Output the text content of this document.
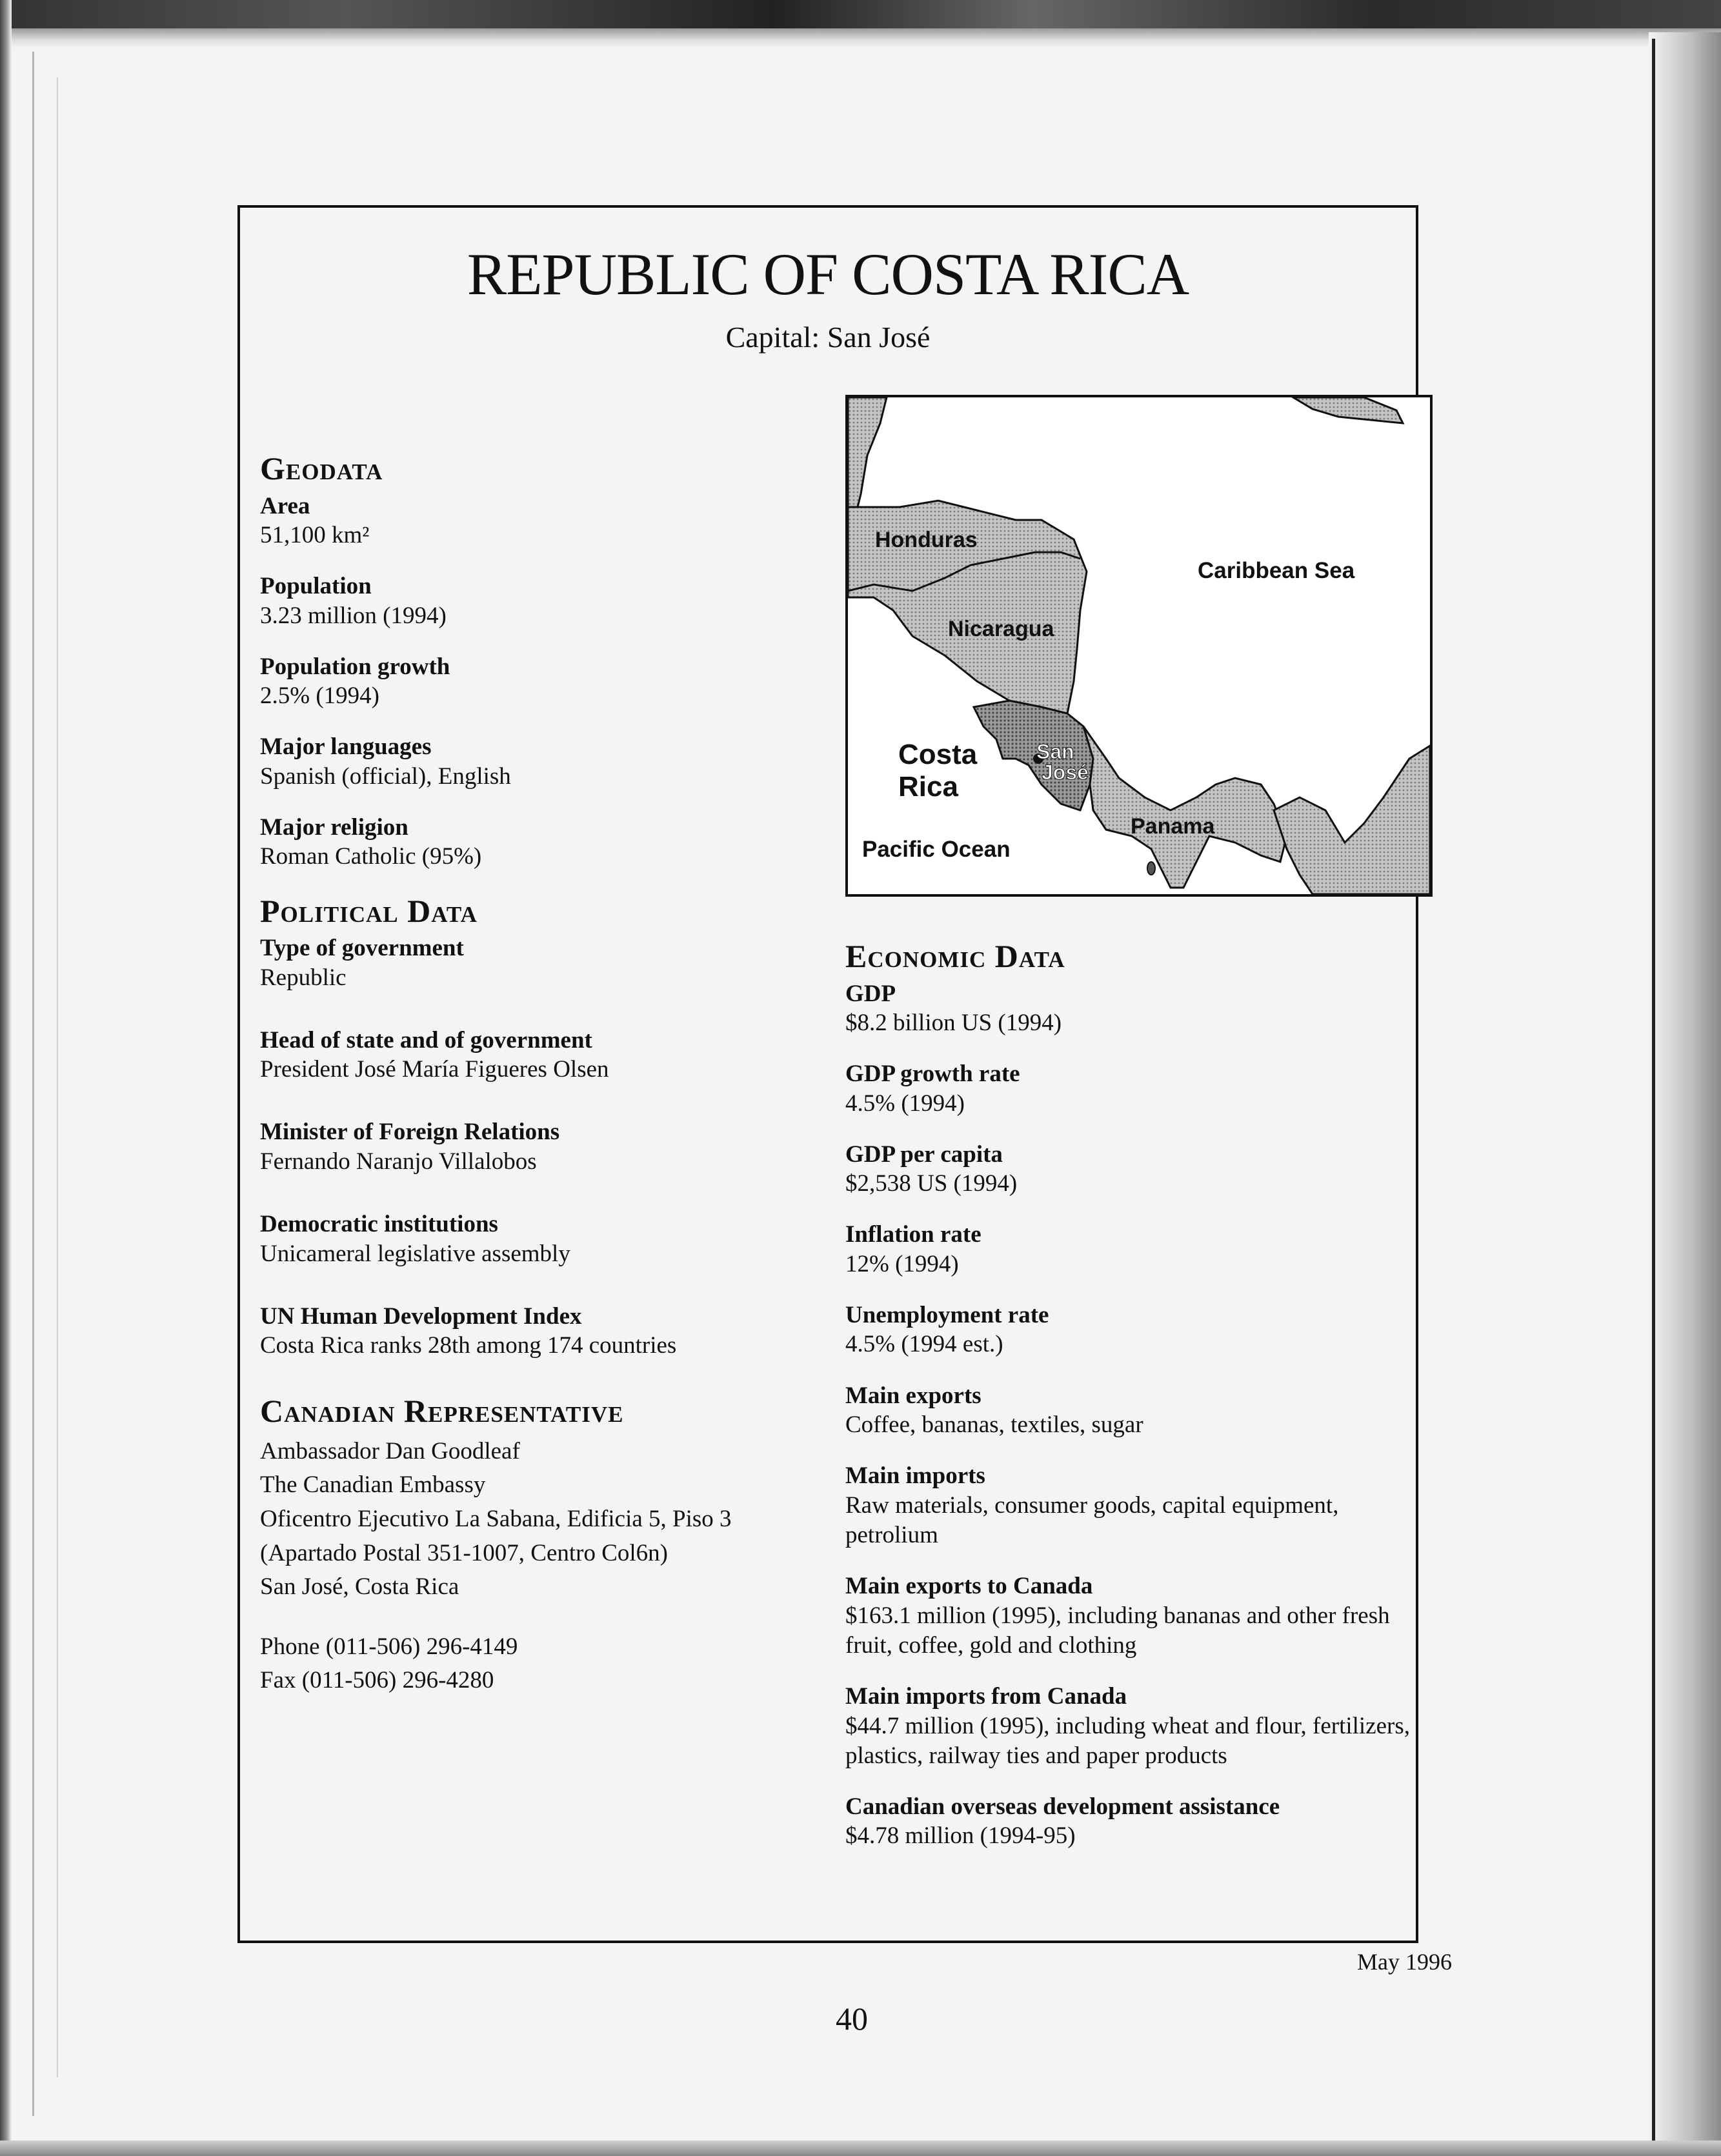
REPUBLIC OF COSTA RICA
Capital: San José
Honduras
Caribbean Sea
Nicaragua
Costa
Rica
San
José
Panama
Pacific Ocean
Geodata
Area
51,100 km²
Population
3.23 million (1994)
Population growth
2.5% (1994)
Major languages
Spanish (official), English
Major religion
Roman Catholic (95%)
Political Data
Type of government
Republic
Head of state and of government
President José María Figueres Olsen
Minister of Foreign Relations
Fernando Naranjo Villalobos
Democratic institutions
Unicameral legislative assembly
UN Human Development Index
Costa Rica ranks 28th among 174 countries
Canadian Representative
Ambassador Dan Goodleaf
The Canadian Embassy
Oficentro Ejecutivo La Sabana, Edificia 5, Piso 3
(Apartado Postal 351-1007, Centro Col6n)
San José, Costa Rica
Phone (011-506) 296-4149
Fax (011-506) 296-4280
Economic Data
GDP
$8.2 billion US (1994)
GDP growth rate
4.5% (1994)
GDP per capita
$2,538 US (1994)
Inflation rate
12% (1994)
Unemployment rate
4.5% (1994 est.)
Main exports
Coffee, bananas, textiles, sugar
Main imports
Raw materials, consumer goods, capital equipment, petrolium
Main exports to Canada
$163.1 million (1995), including bananas and other fresh fruit, coffee, gold and clothing
Main imports from Canada
$44.7 million (1995), including wheat and flour, fertilizers, plastics, railway ties and paper products
Canadian overseas development assistance
$4.78 million (1994-95)
May 1996
40
